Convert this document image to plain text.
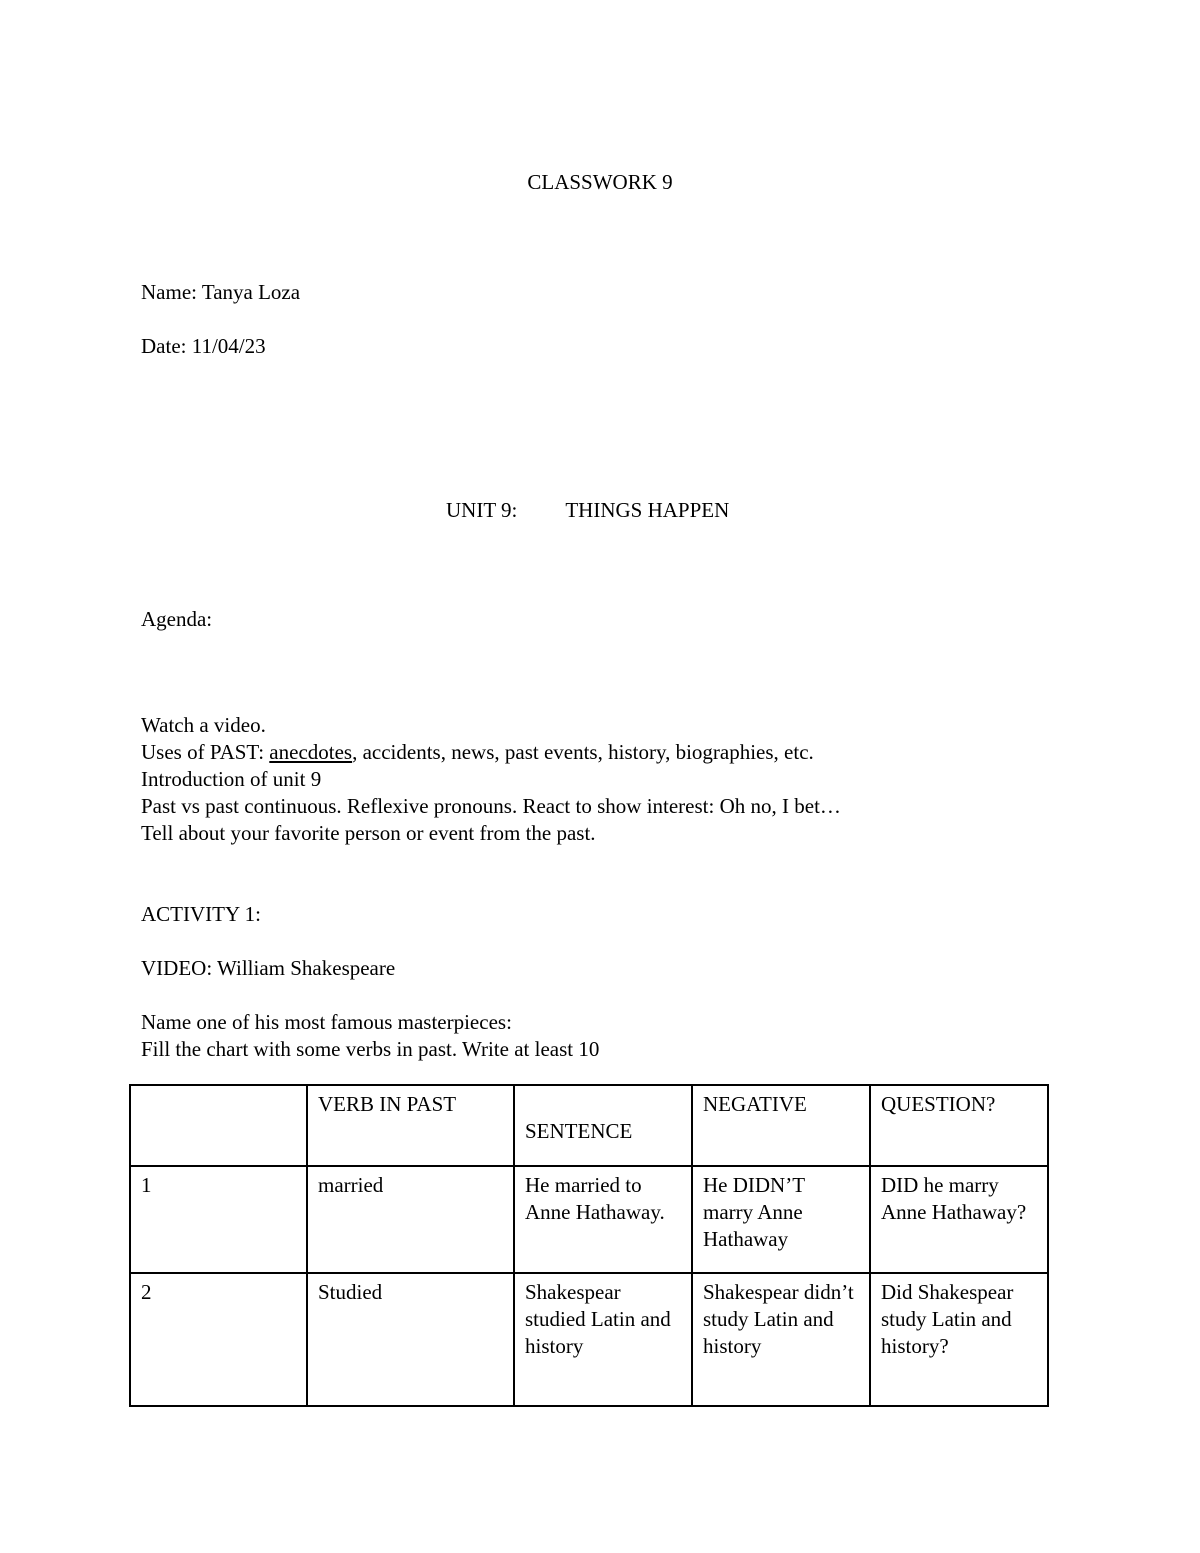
CLASSWORK 9
Name: Tanya Loza
Date: 11/04/23
UNIT 9: THINGS HAPPEN
Agenda:
Watch a video.
Uses of PAST: anecdotes, accidents, news, past events, history, biographies, etc.
Introduction of unit 9
Past vs past continuous. Reflexive pronouns. React to show interest: Oh no, I bet…
Tell about your favorite person or event from the past.
ACTIVITY 1:
VIDEO: William Shakespeare
Name one of his most famous masterpieces:
Fill the chart with some verbs in past. Write at least 10
	VERB IN PAST	SENTENCE	NEGATIVE	QUESTION?
1	married	He married to Anne Hathaway.	He DIDN’T marry Anne Hathaway	DID he marry Anne Hathaway?
2	Studied	Shakespear studied Latin and history	Shakespear didn’t study Latin and history	Did Shakespear study Latin and history?
